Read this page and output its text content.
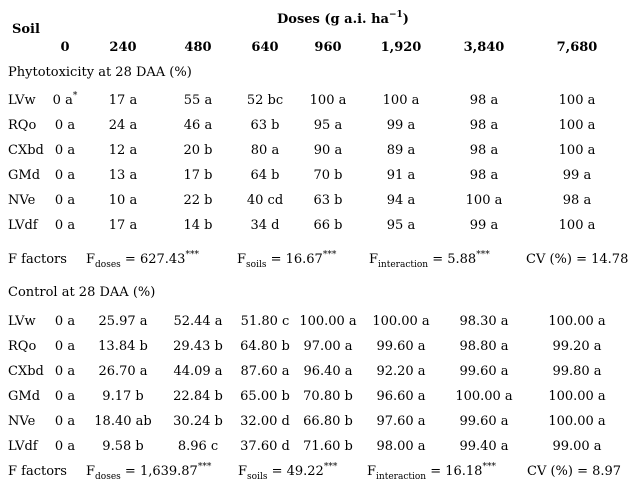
Soil
Doses (g a.i. $ha^{-1}$)
0	240	480	640	960	1,920	3,840	7,680
Phytotoxicity at 28 DAA (%)
LVw 0 a* 17 a	55 a	52 bc 100 a	100 a	98 a	100 a
RQo 0 a	24 a	46 a	63 b	95 a	99 a	98 a	100 a
CXbd 0 a	12 a	20 b	80 a	90 a	89 a	98 a	100 a
GMd 0 a	13 a	17 b	64 b	70 b	91 a	98 a	99 a
NVe 0 a	10 a	22 b	40 cd 63 b	94 a	100 a	98 a
LVdf 0 a	17 a	14 b	34 d	66 b	95 a	99 a	100 a
F factors $F_{doses} = 627.43^{***}$	$F_{soils} = 16.67^{***}$	$F_{interaction} = 5.88^{***}$	CV (%) = 14.78
Control at 28 DAA (%)
LVw 0 a 25.97 a 52.44 a 51.80 c 100.00 a 100.00 a 98.30 a	100.00 a
RQo 0 a 13.84 b 29.43 b 64.80 b 97.00 a 99.60 a	98.80 a	99.20 a
CXbd 0 a 26.70 a 44.09 a 87.60 a 96.40 a 92.20 a	99.60 a	99.80 a
GMd 0 a 9.17 b 22.84 b 65.00 b 70.80 b 96.60 a 100.00 a	100.00 a
NVe 0 a 18.40 ab 30.24 b 32.00 d 66.80 b 97.60 a	99.60 a	100.00 a
LVdf 0 a 9.58 b	8.96 c 37.60 d 71.60 b 98.00 a	99.40 a	99.00 a
F factors $F_{doses} = 1,639.87^{***}$ $F_{soils} = 49.22^{***}$ $F_{interaction} = 16.18^{***}$ CV (%) = 8.97
